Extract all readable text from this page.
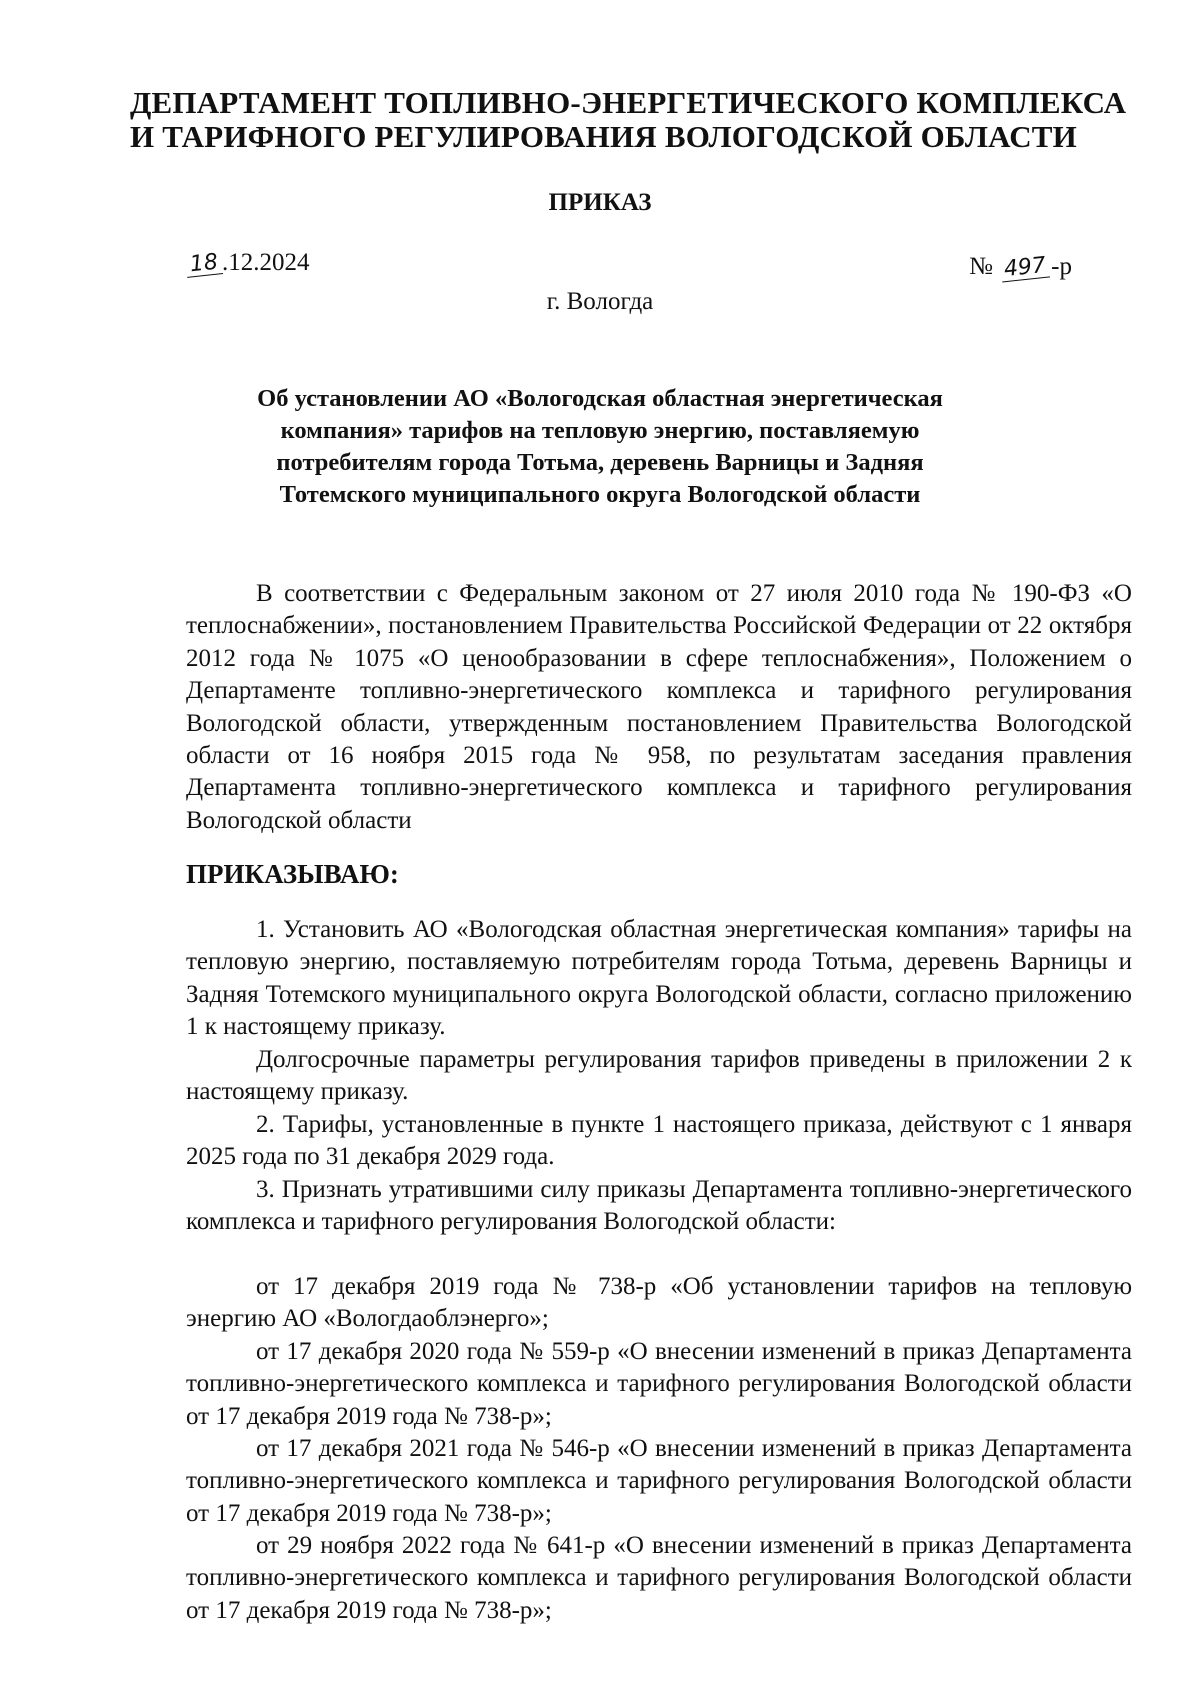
ДЕПАРТАМЕНТ ТОПЛИВНО-ЭНЕРГЕТИЧЕСКОГО КОМПЛЕКСА
И ТАРИФНОГО РЕГУЛИРОВАНИЯ ВОЛОГОДСКОЙ ОБЛАСТИ
ПРИКАЗ
18 .12.2024	№ 497 -р
г. Вологда
Об установлении АО «Вологодская областная энергетическая
компания» тарифов на тепловую энергию, поставляемую
потребителям города Тотьма, деревень Варницы и Задняя
Тотемского муниципального округа Вологодской области
В соответствии с Федеральным законом от 27 июля 2010 года № 190-ФЗ «О теплоснабжении», постановлением Правительства Российской Федерации от 22 октября 2012 года № 1075 «О ценообразовании в сфере теплоснабжения», Положением о Департаменте топливно-энергетического комплекса и тарифного регулирования Вологодской области, утвержденным постановлением Правительства Вологодской области от 16 ноября 2015 года № 958, по результатам заседания правления Департамента топливно-энергетического комплекса и тарифного регулирования Вологодской области
ПРИКАЗЫВАЮ:
1. Установить АО «Вологодская областная энергетическая компания» тарифы на тепловую энергию, поставляемую потребителям города Тотьма, деревень Варницы и Задняя Тотемского муниципального округа Вологодской области, согласно приложению 1 к настоящему приказу.
Долгосрочные параметры регулирования тарифов приведены в приложении 2 к настоящему приказу.
2. Тарифы, установленные в пункте 1 настоящего приказа, действуют с 1 января 2025 года по 31 декабря 2029 года.
3. Признать утратившими силу приказы Департамента топливно-энергетического комплекса и тарифного регулирования Вологодской области:
от 17 декабря 2019 года № 738-р «Об установлении тарифов на тепловую энергию АО «Вологдаоблэнерго»;
от 17 декабря 2020 года № 559-р «О внесении изменений в приказ Департамента топливно-энергетического комплекса и тарифного регулирования Вологодской области от 17 декабря 2019 года № 738-р»;
от 17 декабря 2021 года № 546-р «О внесении изменений в приказ Департамента топливно-энергетического комплекса и тарифного регулирования Вологодской области от 17 декабря 2019 года № 738-р»;
от 29 ноября 2022 года № 641-р «О внесении изменений в приказ Департамента топливно-энергетического комплекса и тарифного регулирования Вологодской области от 17 декабря 2019 года № 738-р»;
